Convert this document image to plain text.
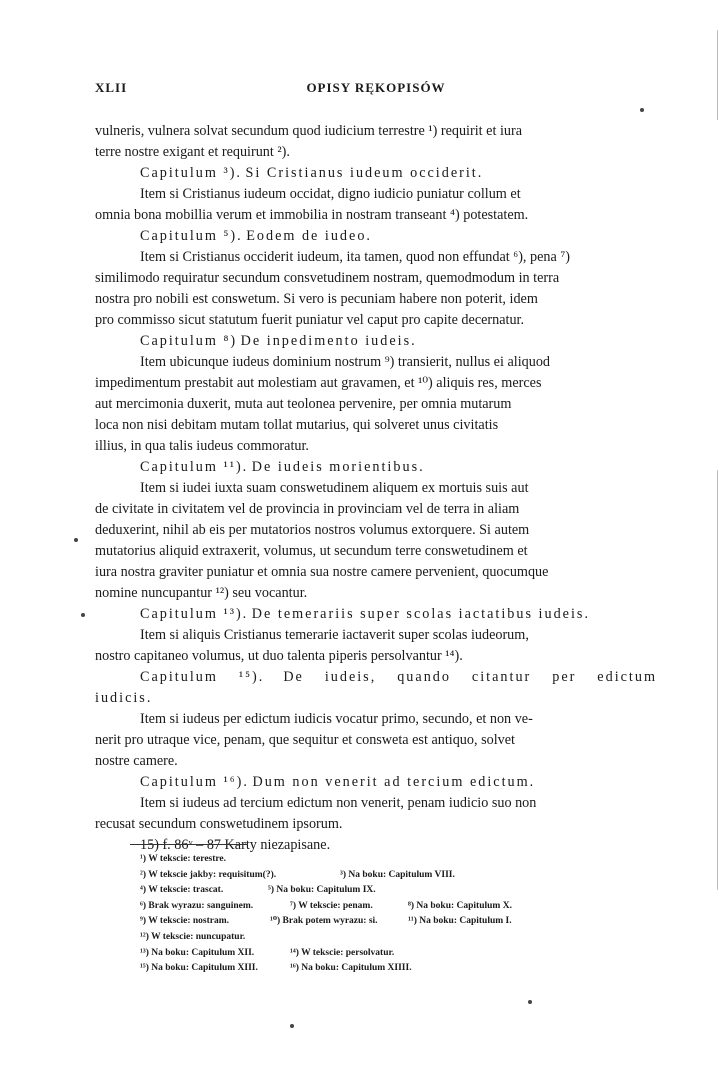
XLII	OPISY RĘKOPISÓW

vulneris, vulnera solvat secundum quod iudicium terrestre ¹) requirit et iura

terre nostre exigant et requirunt ²).

Capitulum ³). Si Cristianus iudeum occiderit.

Item si Cristianus iudeum occidat, digno iudicio puniatur collum et

omnia bona mobillia verum et immobilia in nostram transeant ⁴) potestatem.

Capitulum ⁵). Eodem de iudeo.

Item si Cristianus occiderit iudeum, ita tamen, quod non effundat ⁶), pena ⁷)

similimodo requiratur secundum consvetudinem nostram, quemodmodum in terra

nostra pro nobili est conswetum. Si vero is pecuniam habere non poterit, idem

pro commisso sicut statutum fuerit puniatur vel caput pro capite decernatur.

Capitulum ⁸) De inpedimento iudeis.

Item ubicunque iudeus dominium nostrum ⁹) transierit, nullus ei aliquod

impedimentum prestabit aut molestiam aut gravamen, et ¹⁰) aliquis res, merces

aut mercimonia duxerit, muta aut teolonea pervenire, per omnia mutarum

loca non nisi debitam mutam tollat mutarius, qui solveret unus civitatis

illius, in qua talis iudeus commoratur.

Capitulum ¹¹). De iudeis morientibus.

Item si iudei iuxta suam conswetudinem aliquem ex mortuis suis aut

de civitate in civitatem vel de provincia in provinciam vel de terra in aliam

deduxerint, nihil ab eis per mutatorios nostros volumus extorquere. Si autem

mutatorius aliquid extraxerit, volumus, ut secundum terre conswetudinem et

iura nostra graviter puniatur et omnia sua nostre camere pervenient, quocumque

nomine nuncupantur ¹²) seu vocantur.

Capitulum ¹³). De temerariis super scolas iactatibus iudeis.

Item si aliquis Cristianus temerarie iactaverit super scolas iudeorum,

nostro capitaneo volumus, ut duo talenta piperis persolvantur ¹⁴).

Capitulum ¹⁵). De iudeis, quando citantur per edictum

iudicis.

Item si iudeus per edictum iudicis vocatur primo, secundo, et non ve-

nerit pro utraque vice, penam, que sequitur et consweta est antiquo, solvet

nostre camere.

Capitulum ¹⁶). Dum non venerit ad tercium edictum.

Item si iudeus ad tercium edictum non venerit, penam iudicio suo non

recusat secundum conswetudinem ipsorum.

15) f. 86ᵛ – 87 Karty niezapisane.

¹) W tekscie: terestre.
²) W tekscie jakby: requisitum(?).	³) Na boku: Capitulum VIII.
⁴) W tekscie: trascat.	⁵) Na boku: Capitulum IX.
⁶) Brak wyrazu: sanguinem.	⁷) W tekscie: penam.	⁸) Na boku: Capitulum X.
⁹) W tekscie: nostram.	¹⁰) Brak potem wyrazu: si.	¹¹) Na boku: Capitulum I.
¹²) W tekscie: nuncupatur.
¹³) Na boku: Capitulum XII.	¹⁴) W tekscie: persolvatur.
¹⁵) Na boku: Capitulum XIII.	¹⁶) Na boku: Capitulum XIIII.
